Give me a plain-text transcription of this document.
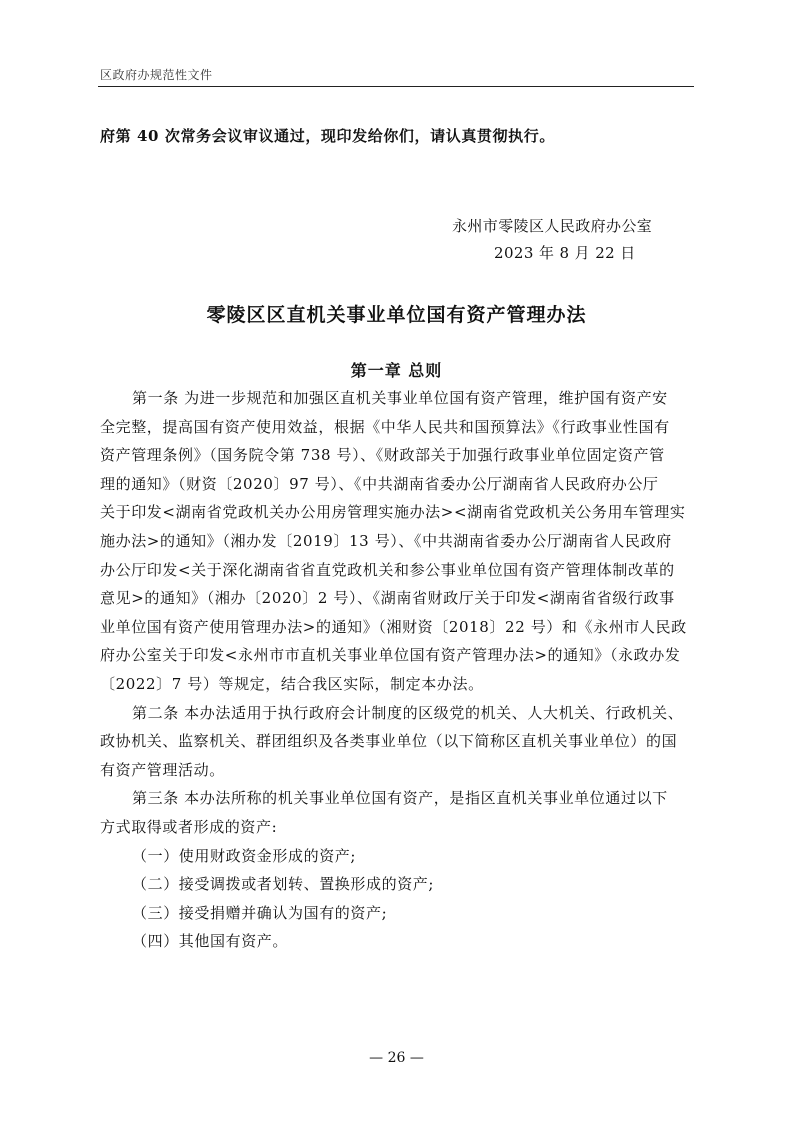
区政府办规范性文件
府第 40 次常务会议审议通过，现印发给你们，请认真贯彻执行。
永州市零陵区人民政府办公室
2023 年 8 月 22 日
零陵区区直机关事业单位国有资产管理办法
第一章 总则
第一条 为进一步规范和加强区直机关事业单位国有资产管理，维护国有资产安
全完整，提高国有资产使用效益，根据《中华人民共和国预算法》《行政事业性国有
资产管理条例》（国务院令第 738 号）、《财政部关于加强行政事业单位固定资产管
理的通知》（财资〔2020〕97 号）、《中共湖南省委办公厅湖南省人民政府办公厅
关于印发<湖南省党政机关办公用房管理实施办法><湖南省党政机关公务用车管理实
施办法>的通知》（湘办发〔2019〕13 号）、《中共湖南省委办公厅湖南省人民政府
办公厅印发<关于深化湖南省省直党政机关和参公事业单位国有资产管理体制改革的
意见>的通知》（湘办〔2020〕2 号）、《湖南省财政厅关于印发<湖南省省级行政事
业单位国有资产使用管理办法>的通知》（湘财资〔2018〕22 号）和《永州市人民政
府办公室关于印发<永州市市直机关事业单位国有资产管理办法>的通知》（永政办发
〔2022〕7 号）等规定，结合我区实际，制定本办法。
第二条 本办法适用于执行政府会计制度的区级党的机关、人大机关、行政机关、
政协机关、监察机关、群团组织及各类事业单位（以下简称区直机关事业单位）的国
有资产管理活动。
第三条 本办法所称的机关事业单位国有资产，是指区直机关事业单位通过以下
方式取得或者形成的资产:
（一）使用财政资金形成的资产;
（二）接受调拨或者划转、置换形成的资产;
（三）接受捐赠并确认为国有的资产;
（四）其他国有资产。
— 26 —
